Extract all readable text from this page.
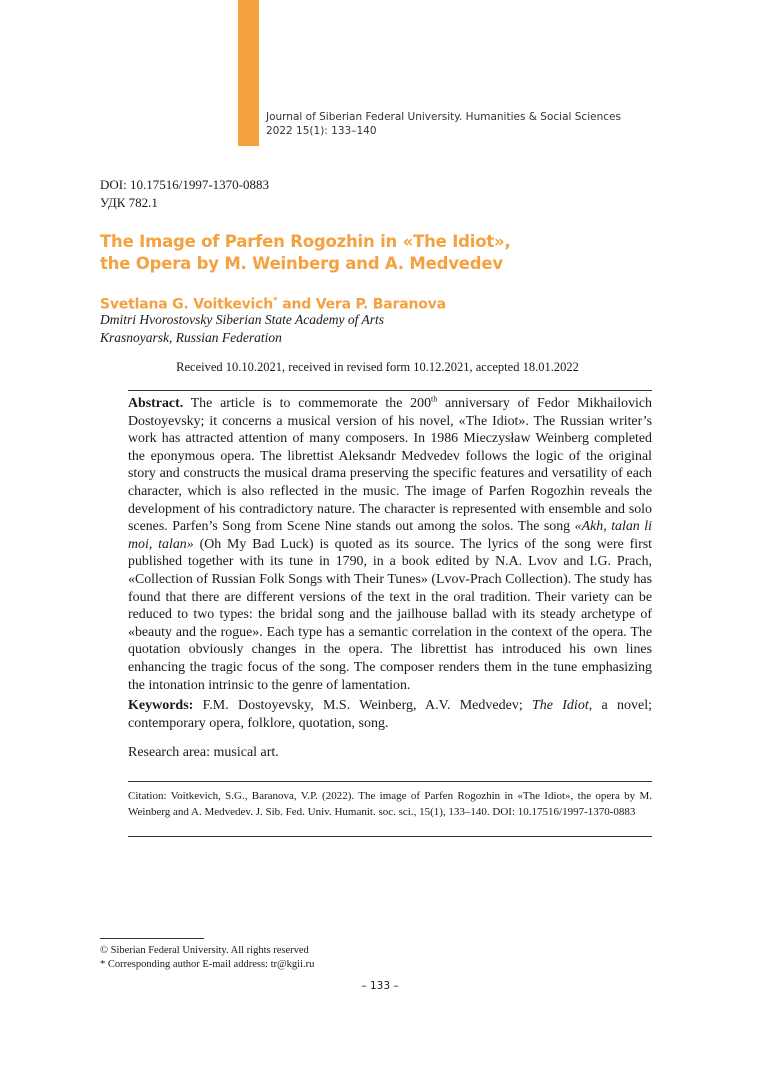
Journal of Siberian Federal University. Humanities & Social Sciences
2022 15(1): 133–140
DOI: 10.17516/1997-1370-0883
УДК 782.1
The Image of Parfen Rogozhin in «The Idiot»,
the Opera by M. Weinberg and A. Medvedev
Svetlana G. Voitkevich* and Vera P. Baranova
Dmitri Hvorostovsky Siberian State Academy of Arts
Krasnoyarsk, Russian Federation
Received 10.10.2021, received in revised form 10.12.2021, accepted 18.01.2022

Abstract. The article is to commemorate the 200th anniversary of Fedor Mikhailovich Dostoyevsky; it concerns a musical version of his novel, «The Idiot». The Russian writer’s work has attracted attention of many composers. In 1986 Mieczysław Weinberg completed the eponymous opera. The librettist Aleksandr Medvedev follows the logic of the original story and constructs the musical drama preserving the specific features and versatility of each character, which is also reflected in the music. The image of Parfen Rogozhin reveals the development of his contradictory nature. The character is represented with ensemble and solo scenes. Parfen’s Song from Scene Nine stands out among the solos. The song «Akh, talan li moi, talan» (Oh My Bad Luck) is quoted as its source. The lyrics of the song were first published together with its tune in 1790, in a book edited by N.A. Lvov and I.G. Prach, «Collection of Russian Folk Songs with Their Tunes» (Lvov-Prach Collection). The study has found that there are different versions of the text in the oral tradition. Their variety can be reduced to two types: the bridal song and the jailhouse ballad with its steady archetype of «beauty and the rogue». Each type has a semantic correlation in the context of the opera. The quotation obviously changes in the opera. The librettist has introduced his own lines enhancing the tragic focus of the song. The composer renders them in the tune emphasizing the intonation intrinsic to the genre of lamentation.

Keywords: F.M. Dostoyevsky, M.S. Weinberg, A.V. Medvedev; The Idiot, a novel; contemporary opera, folklore, quotation, song.

Research area: musical art.

Citation: Voitkevich, S.G., Baranova, V.P. (2022). The image of Parfen Rogozhin in «The Idiot», the opera by M. Weinberg and A. Medvedev. J. Sib. Fed. Univ. Humanit. soc. sci., 15(1), 133–140. DOI: 10.17516/1997-1370-0883

© Siberian Federal University. All rights reserved
* Corresponding author E-mail address: tr@kgii.ru
– 133 –
